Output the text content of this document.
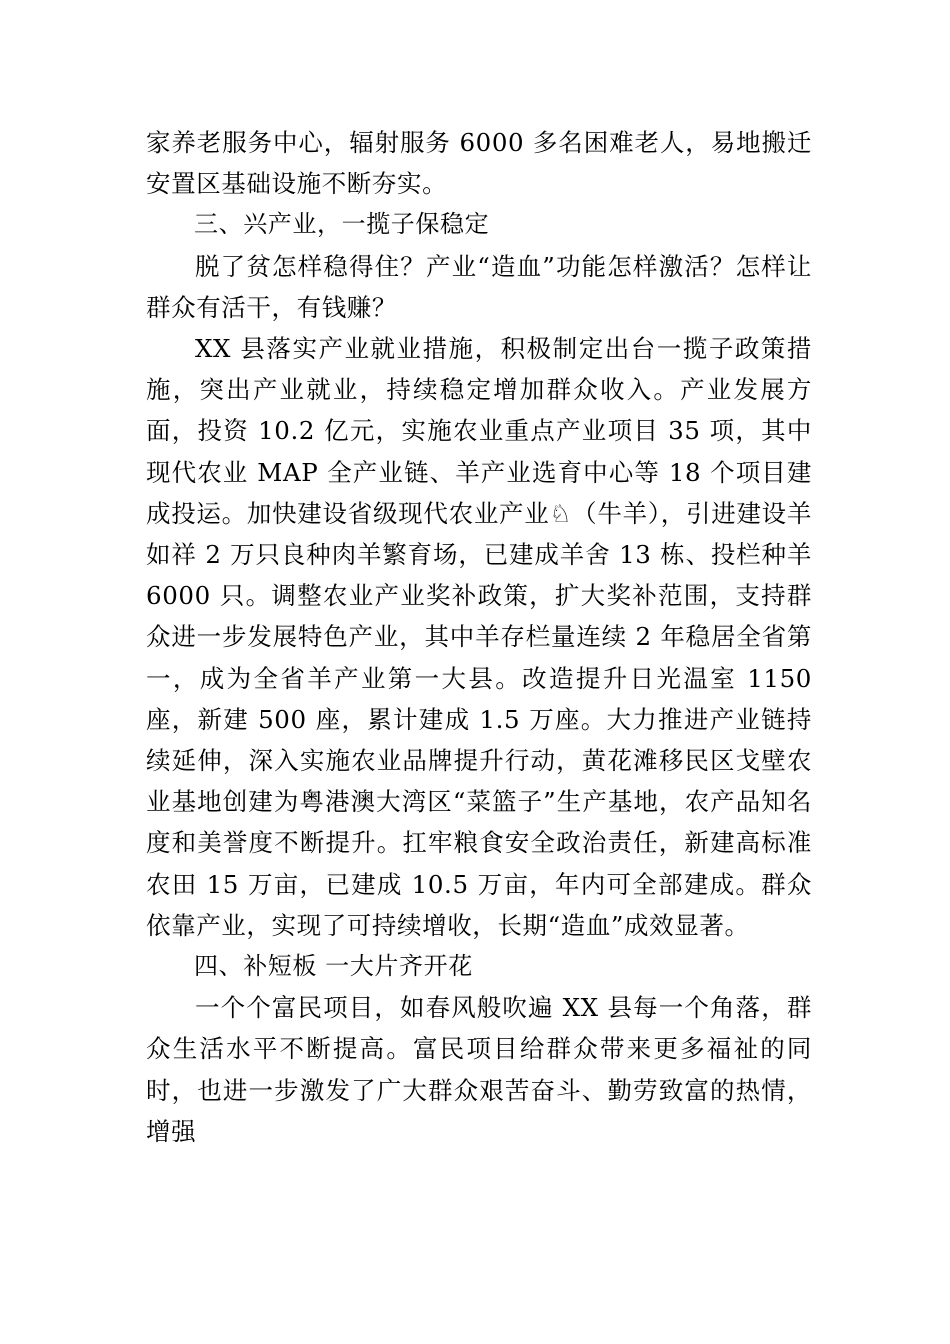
家养老服务中心，辐射服务 6000 多名困难老人，易地搬迁安置区基础设施不断夯实。

三、兴产业，一揽子保稳定

脱了贫怎样稳得住？产业“造血”功能怎样激活？怎样让群众有活干，有钱赚？

XX 县落实产业就业措施，积极制定出台一揽子政策措施，突出产业就业，持续稳定增加群众收入。产业发展方面，投资 10.2 亿元，实施农业重点产业项目 35 项，其中现代农业 MAP 全产业链、羊产业选育中心等 18 个项目建成投运。加快建设省级现代农业产业♘（牛羊），引进建设羊如祥 2 万只良种肉羊繁育场，已建成羊舍 13 栋、投栏种羊 6000 只。调整农业产业奖补政策，扩大奖补范围，支持群众进一步发展特色产业，其中羊存栏量连续 2 年稳居全省第一，成为全省羊产业第一大县。改造提升日光温室 1150 座，新建 500 座，累计建成 1.5 万座。大力推进产业链持续延伸，深入实施农业品牌提升行动，黄花滩移民区戈壁农业基地创建为粤港澳大湾区“菜篮子”生产基地，农产品知名度和美誉度不断提升。扛牢粮食安全政治责任，新建高标准农田 15 万亩，已建成 10.5 万亩，年内可全部建成。群众依靠产业，实现了可持续增收，长期“造血”成效显著。

四、补短板 一大片齐开花

一个个富民项目，如春风般吹遍 XX 县每一个角落，群众生活水平不断提高。富民项目给群众带来更多福祉的同时，也进一步激发了广大群众艰苦奋斗、勤劳致富的热情，增强
